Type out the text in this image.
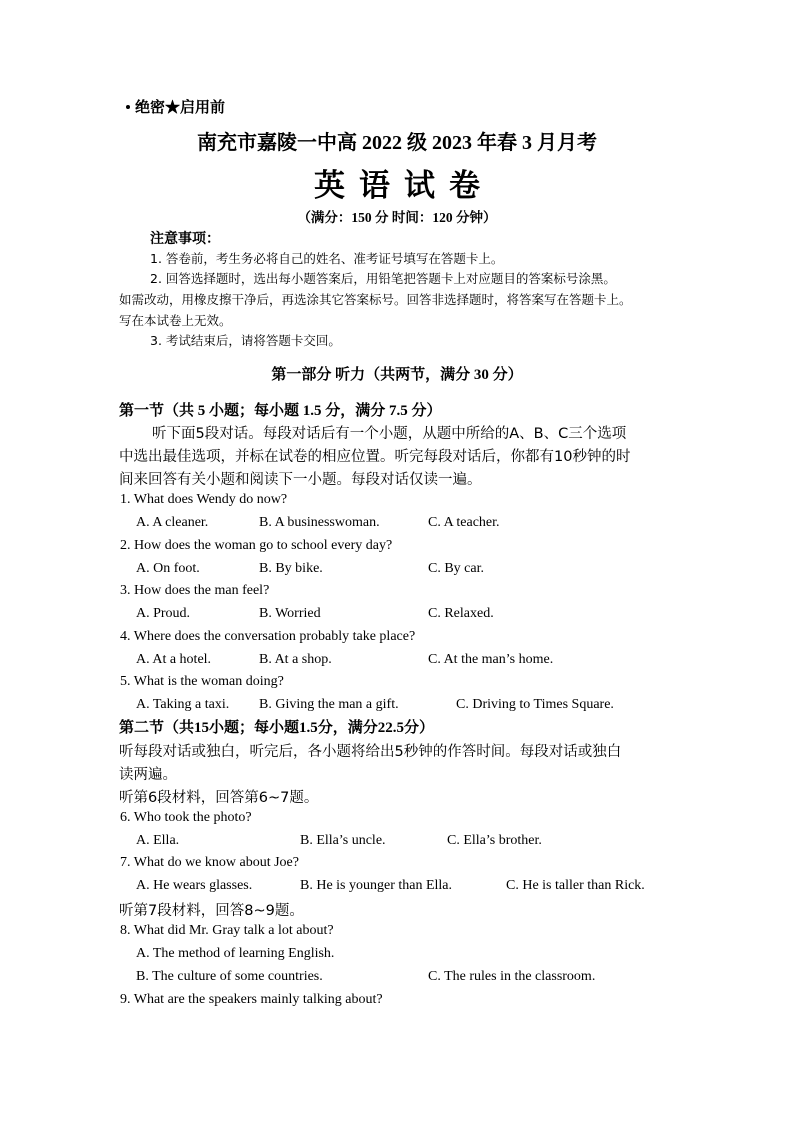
绝密★启用前
南充市嘉陵一中高 2022 级 2023 年春 3 月月考
英语试卷
（满分：150 分 时间：120 分钟）
注意事项：
1. 答卷前，考生务必将自己的姓名、准考证号填写在答题卡上。
2. 回答选择题时，选出每小题答案后，用铅笔把答题卡上对应题目的答案标号涂黑。
如需改动，用橡皮擦干净后，再选涂其它答案标号。回答非选择题时，将答案写在答题卡上。
写在本试卷上无效。
3. 考试结束后，请将答题卡交回。
第一部分 听力（共两节，满分 30 分）
第一节（共 5 小题；每小题 1.5 分，满分 7.5 分）
听下面5段对话。每段对话后有一个小题，从题中所给的A、B、C三个选项
中选出最佳选项，并标在试卷的相应位置。听完每段对话后，你都有10秒钟的时
间来回答有关小题和阅读下一小题。每段对话仅读一遍。
1. What does Wendy do now?
A. A cleaner.	B. A businesswoman.	C. A teacher.
2. How does the woman go to school every day?
A. On foot.	B. By bike.	C. By car.
3. How does the man feel?
A. Proud.	B. Worried	C. Relaxed.
4. Where does the conversation probably take place?
A. At a hotel.	B. At a shop.	C. At the man’s home.
5. What is the woman doing?
A. Taking a taxi. B. Giving the man a gift.	C. Driving to Times Square.
第二节（共15小题；每小题1.5分，满分22.5分）
听每段对话或独白，听完后，各小题将给出5秒钟的作答时间。每段对话或独白
读两遍。
听第6段材料，回答第6~7题。
6. Who took the photo?
A. Ella.	B. Ella’s uncle.	C. Ella’s brother.
7. What do we know about Joe?
A. He wears glasses.	B. He is younger than Ella.	C. He is taller than Rick.
听第7段材料，回答8~9题。
8. What did Mr. Gray talk a lot about?
A. The method of learning English.
B. The culture of some countries.	C. The rules in the classroom.
9. What are the speakers mainly talking about?
